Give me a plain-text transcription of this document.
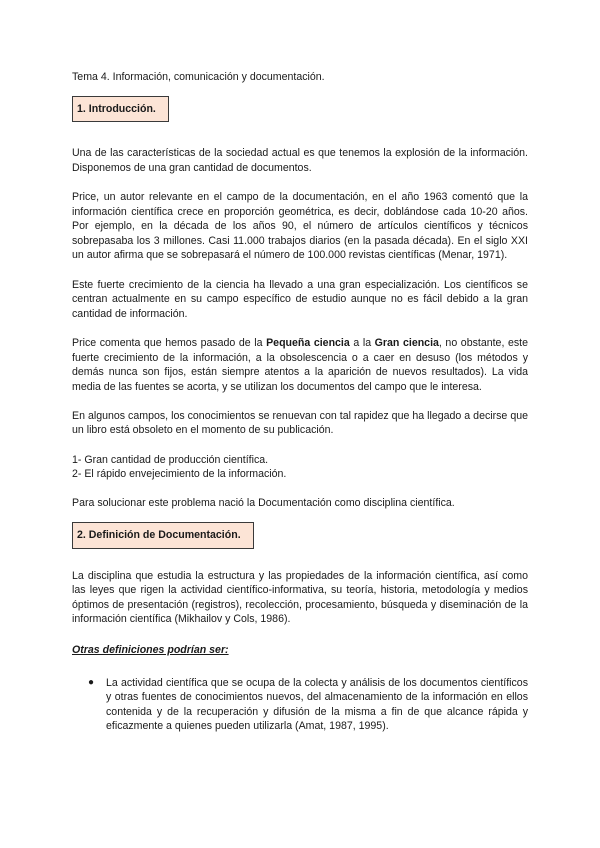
Tema 4. Información, comunicación y documentación.
1. Introducción.

Una de las características de la sociedad actual es que tenemos la explosión de la información. Disponemos de una gran cantidad de documentos.

Price, un autor relevante en el campo de la documentación, en el año 1963 comentó que la información científica crece en proporción geométrica, es decir, doblándose cada 10-20 años. Por ejemplo, en la década de los años 90, el número de artículos científicos y técnicos sobrepasaba los 3 millones. Casi 11.000 trabajos diarios (en la pasada década). En el siglo XXI un autor afirma que se sobrepasará el número de 100.000 revistas científicas (Menar, 1971).

Este fuerte crecimiento de la ciencia ha llevado a una gran especialización. Los científicos se centran actualmente en su campo específico de estudio aunque no es fácil debido a la gran cantidad de información.

Price comenta que hemos pasado de la Pequeña ciencia a la Gran ciencia, no obstante, este fuerte crecimiento de la información, a la obsolescencia o a caer en desuso (los métodos y demás nunca son fijos, están siempre atentos a la aparición de nuevos resultados). La vida media de las fuentes se acorta, y se utilizan los documentos del campo que le interesa.

En algunos campos, los conocimientos se renuevan con tal rapidez que ha llegado a decirse que un libro está obsoleto en el momento de su publicación.

1- Gran cantidad de producción científica.

2- El rápido envejecimiento de la información.

Para solucionar este problema nació la Documentación como disciplina científica.

2. Definición de Documentación.

La disciplina que estudia la estructura y las propiedades de la información científica, así como las leyes que rigen la actividad científico-informativa, su teoría, historia, metodología y medios óptimos de presentación (registros), recolección, procesamiento, búsqueda y diseminación de la información científica (Mikhailov y Cols, 1986).

Otras definiciones podrían ser:
● La actividad científica que se ocupa de la colecta y análisis de los documentos científicos y otras fuentes de conocimientos nuevos, del almacenamiento de la información en ellos contenida y de la recuperación y difusión de la misma a fin de que alcance rápida y eficazmente a quienes pueden utilizarla (Amat, 1987, 1995).
